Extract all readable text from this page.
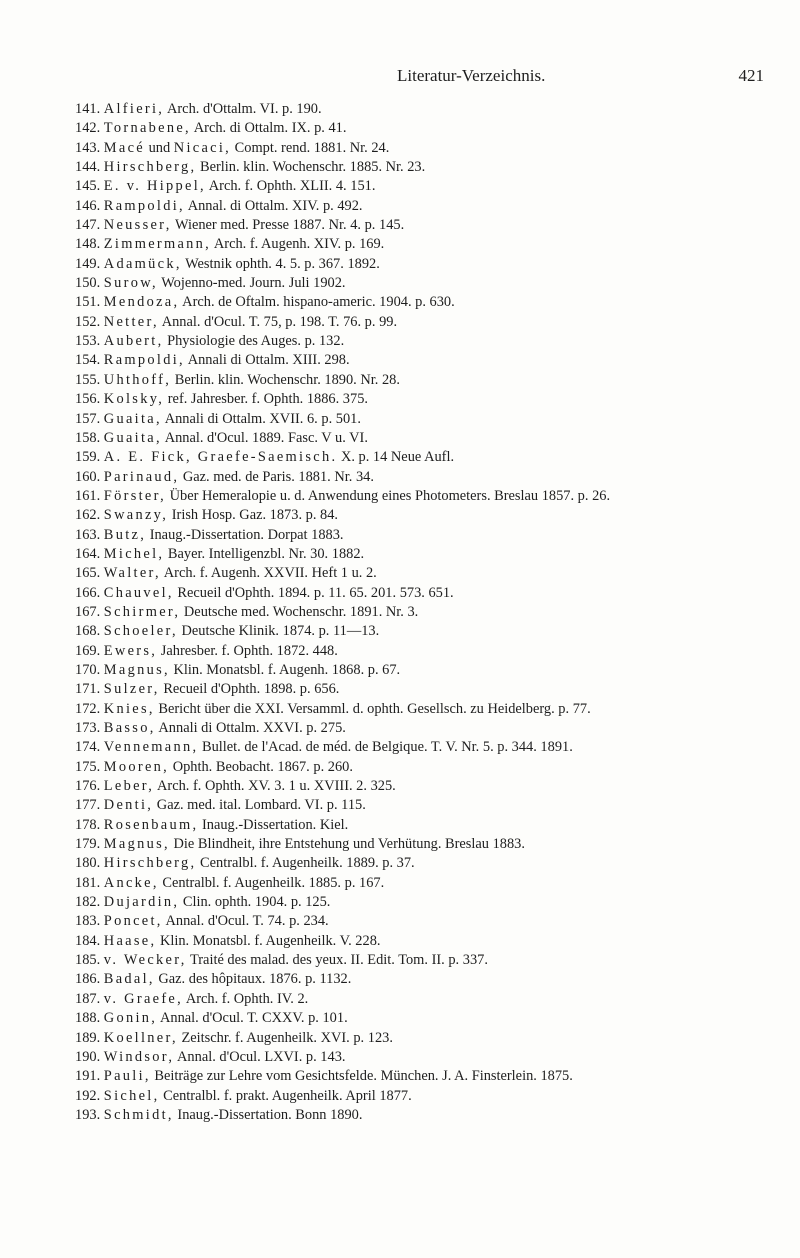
Literatur-Verzeichnis.	421
141. Alfieri, Arch. d'Ottalm. VI. p. 190.
142. Tornabene, Arch. di Ottalm. IX. p. 41.
143. Macé und Nicaci, Compt. rend. 1881. Nr. 24.
144. Hirschberg, Berlin. klin. Wochenschr. 1885. Nr. 23.
145. E. v. Hippel, Arch. f. Ophth. XLII. 4. 151.
146. Rampoldi, Annal. di Ottalm. XIV. p. 492.
147. Neusser, Wiener med. Presse 1887. Nr. 4. p. 145.
148. Zimmermann, Arch. f. Augenh. XIV. p. 169.
149. Adamück, Westnik ophth. 4. 5. p. 367. 1892.
150. Surow, Wojenno-med. Journ. Juli 1902.
151. Mendoza, Arch. de Oftalm. hispano-americ. 1904. p. 630.
152. Netter, Annal. d'Ocul. T. 75, p. 198. T. 76. p. 99.
153. Aubert, Physiologie des Auges. p. 132.
154. Rampoldi, Annali di Ottalm. XIII. 298.
155. Uhthoff, Berlin. klin. Wochenschr. 1890. Nr. 28.
156. Kolsky, ref. Jahresber. f. Ophth. 1886. 375.
157. Guaita, Annali di Ottalm. XVII. 6. p. 501.
158. Guaita, Annal. d'Ocul. 1889. Fasc. V u. VI.
159. A. E. Fick, Graefe-Saemisch. X. p. 14 Neue Aufl.
160. Parinaud, Gaz. med. de Paris. 1881. Nr. 34.
161. Förster, Über Hemeralopie u. d. Anwendung eines Photometers. Breslau 1857. p. 26.
162. Swanzy, Irish Hosp. Gaz. 1873. p. 84.
163. Butz, Inaug.-Dissertation. Dorpat 1883.
164. Michel, Bayer. Intelligenzbl. Nr. 30. 1882.
165. Walter, Arch. f. Augenh. XXVII. Heft 1 u. 2.
166. Chauvel, Recueil d'Ophth. 1894. p. 11. 65. 201. 573. 651.
167. Schirmer, Deutsche med. Wochenschr. 1891. Nr. 3.
168. Schoeler, Deutsche Klinik. 1874. p. 11—13.
169. Ewers, Jahresber. f. Ophth. 1872. 448.
170. Magnus, Klin. Monatsbl. f. Augenh. 1868. p. 67.
171. Sulzer, Recueil d'Ophth. 1898. p. 656.
172. Knies, Bericht über die XXI. Versamml. d. ophth. Gesellsch. zu Heidelberg. p. 77.
173. Basso, Annali di Ottalm. XXVI. p. 275.
174. Vennemann, Bullet. de l'Acad. de méd. de Belgique. T. V. Nr. 5. p. 344. 1891.
175. Mooren, Ophth. Beobacht. 1867. p. 260.
176. Leber, Arch. f. Ophth. XV. 3. 1 u. XVIII. 2. 325.
177. Denti, Gaz. med. ital. Lombard. VI. p. 115.
178. Rosenbaum, Inaug.-Dissertation. Kiel.
179. Magnus, Die Blindheit, ihre Entstehung und Verhütung. Breslau 1883.
180. Hirschberg, Centralbl. f. Augenheilk. 1889. p. 37.
181. Ancke, Centralbl. f. Augenheilk. 1885. p. 167.
182. Dujardin, Clin. ophth. 1904. p. 125.
183. Poncet, Annal. d'Ocul. T. 74. p. 234.
184. Haase, Klin. Monatsbl. f. Augenheilk. V. 228.
185. v. Wecker, Traité des malad. des yeux. II. Edit. Tom. II. p. 337.
186. Badal, Gaz. des hôpitaux. 1876. p. 1132.
187. v. Graefe, Arch. f. Ophth. IV. 2.
188. Gonin, Annal. d'Ocul. T. CXXV. p. 101.
189. Koellner, Zeitschr. f. Augenheilk. XVI. p. 123.
190. Windsor, Annal. d'Ocul. LXVI. p. 143.
191. Pauli, Beiträge zur Lehre vom Gesichtsfelde. München. J. A. Finsterlein. 1875.
192. Sichel, Centralbl. f. prakt. Augenheilk. April 1877.
193. Schmidt, Inaug.-Dissertation. Bonn 1890.
